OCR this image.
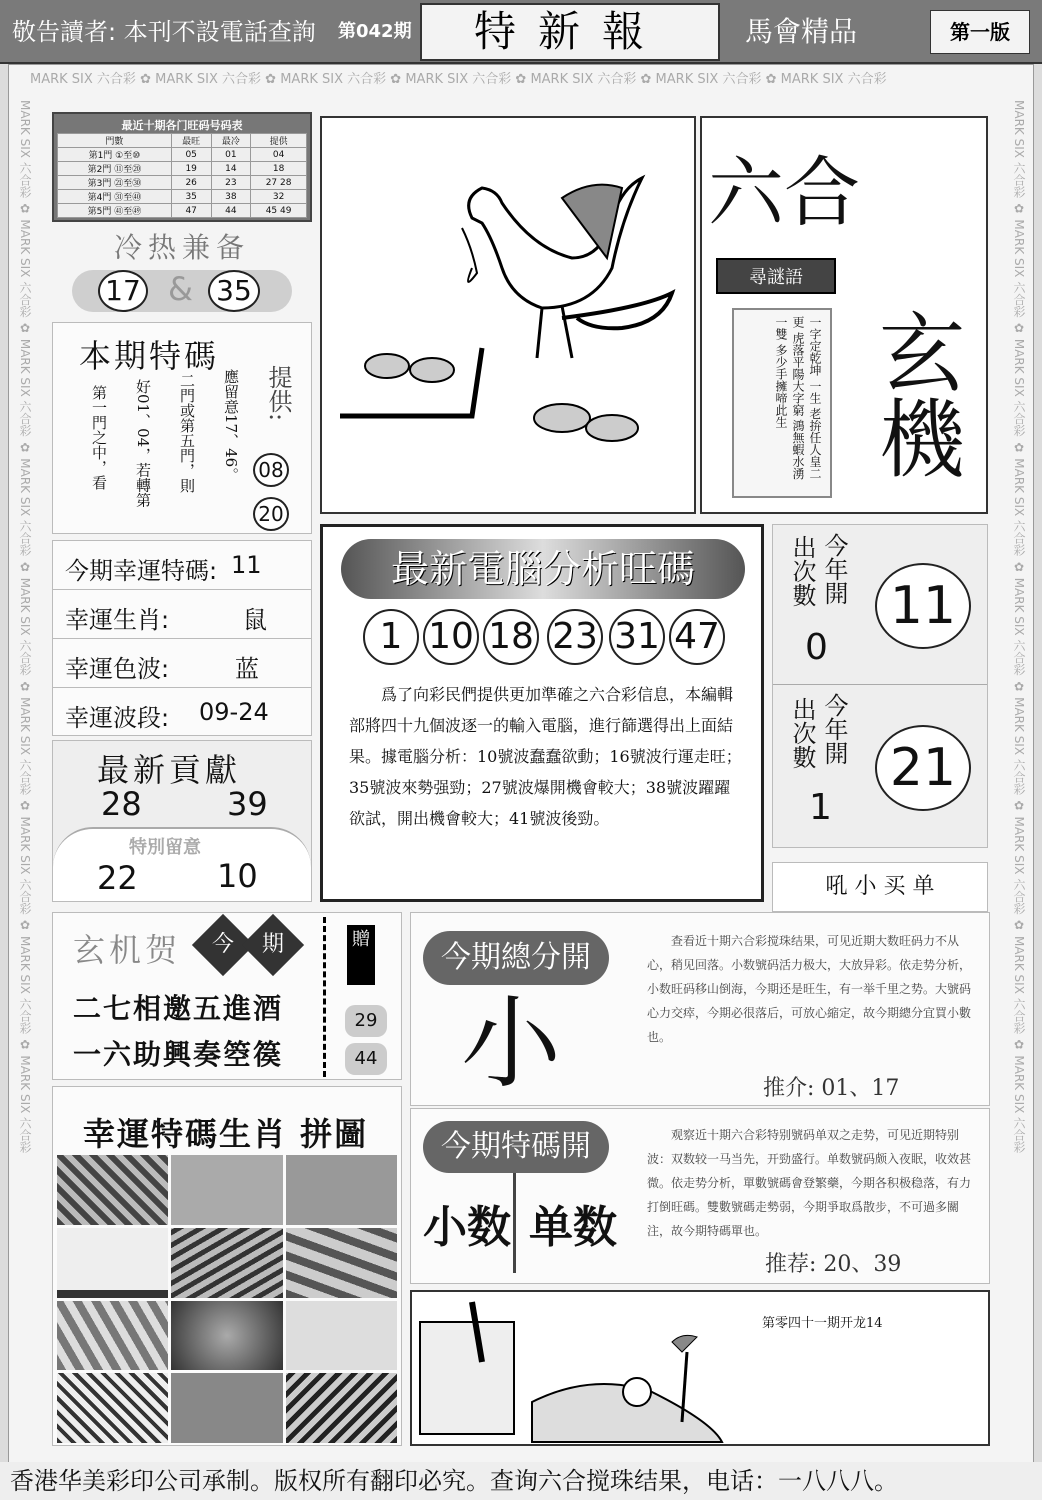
敬告讀者: 本刊不設電話查詢 第042期	特新報	馬會精品	第一版
MARK SIX 六合彩 ✿ MARK SIX 六合彩 ✿ MARK SIX 六合彩 ✿ MARK SIX 六合彩 ✿ MARK SIX 六合彩 ✿ MARK SIX 六合彩 ✿ MARK SIX 六合彩
MARK SIX 六合彩 ✿ MARK SIX 六合彩 ✿ MARK SIX 六合彩 ✿ MARK SIX 六合彩 ✿ MARK SIX 六合彩 ✿ MARK SIX 六合彩 ✿ MARK SIX 六合彩 ✿ MARK SIX 六合彩 ✿ MARK SIX 六合彩
MARK SIX 六合彩 ✿ MARK SIX 六合彩 ✿ MARK SIX 六合彩 ✿ MARK SIX 六合彩 ✿ MARK SIX 六合彩 ✿ MARK SIX 六合彩 ✿ MARK SIX 六合彩 ✿ MARK SIX 六合彩 ✿ MARK SIX 六合彩
最近十期各门旺码号码表
門數	最旺	最冷	提供
第1門 ①至⑩	05	01	04
第2門 ⑪至⑳	19	14	18
第3門 ㉑至㉚	26	23	27 28
第4門 ㉛至㊵	35	38	32
第5門 ㊶至㊾	47	44	45 49
冷热兼备
17 & 35
本期特碼
應留意17、46。
二門或第五門，則
好01、04，若轉第
第一門之中，看	提供:
08
20
今期幸運特碼: 11
幸運生肖:	鼠
幸運色波:	蓝
幸運波段: 09-24
最新貢獻
28	39
特別留意
22 10
六合
玄機
尋謎語
一字定乾坤 一生 老拚任人皇二更 虎落平陽大字窮 鴻無蝦水湧一雙 多少手擁啼此生
最新電腦分析旺碼
1 10 18 23 31 47
爲了向彩民們提供更加準確之六合彩信息，本編輯部將四十九個波逐一的輸入電腦，進行篩選得出上面結果。據電腦分析：10號波蠢蠢欲動；16號波行運走旺；35號波來勢强勁；27號波爆開機會較大；38號波躍躍欲試，開出機會較大；41號波後勁。
今年開
出次數
0
11
今年開
出次數
1
21
吼 小 买 单
玄机贺	今	期
二七相邀五進酒
一六助興奏箜篌
贈
29
44
今期總分開
小
查看近十期六合彩搅珠结果，可见近期大数旺码力不从心，稍见回落。小数號码活力极大，大放异彩。依走势分析，小数旺码移山倒海，今期还是旺生，有一举千里之势。大號码心力交瘁，今期必很落后，可放心縮定，故今期總分宜買小數也。
推介: 01、17
今期特碼開
小数 单数
观察近十期六合彩特别號码单双之走势，可见近期特别波：双数较一马当先，开勁盛行。单数號码颇入夜眠，收效甚微。依走势分析，單數號碼會登繁藥，今期各积极稳落，有力打倒旺碼。雙數號碼走勢弱，今期爭取爲散步，不可過多關注，故今期特碼單也。
推荐: 20、39
幸運特碼生肖 拼圖
第零四十一期开龙14
香港华美彩印公司承制。版权所有翻印必究。查询六合搅珠结果，电话：一八八八。
